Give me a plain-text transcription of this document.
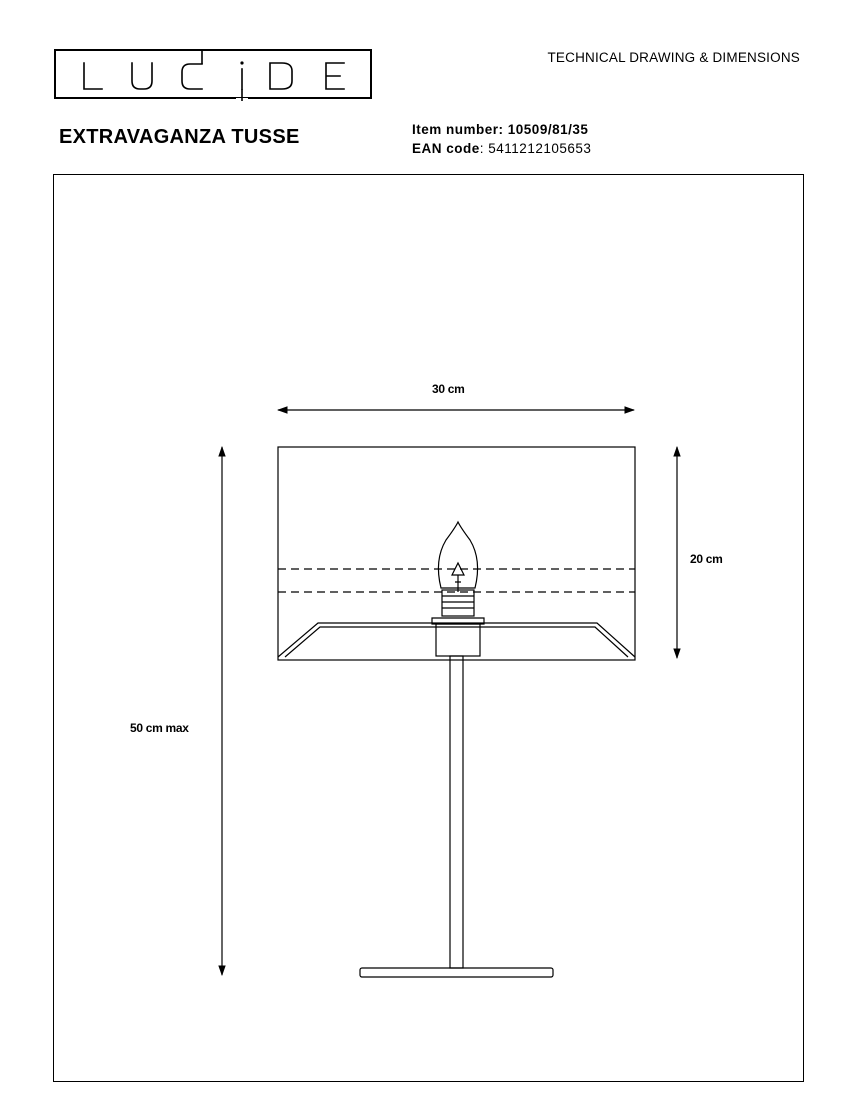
TECHNICAL DRAWING & DIMENSIONS
EXTRAVAGANZA TUSSE	Item number: 10509/81/35
EAN code: 5411212105653
30 cm
20 cm
50 cm max
